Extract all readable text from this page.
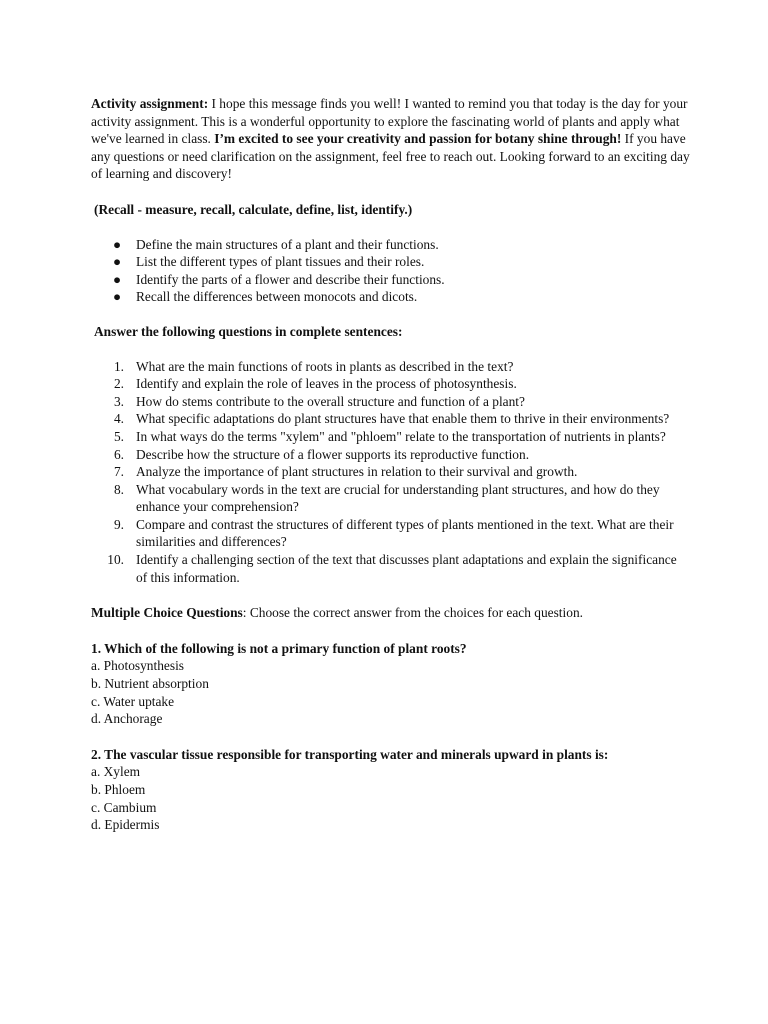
Activity assignment: I hope this message finds you well! I wanted to remind you that today is the day for your activity assignment. This is a wonderful opportunity to explore the fascinating world of plants and apply what we've learned in class. I’m excited to see your creativity and passion for botany shine through! If you have any questions or need clarification on the assignment, feel free to reach out. Looking forward to an exciting day of learning and discovery!

(Recall - measure, recall, calculate, define, list, identify.)

● Define the main structures of a plant and their functions.
● List the different types of plant tissues and their roles.
● Identify the parts of a flower and describe their functions.
● Recall the differences between monocots and dicots.

Answer the following questions in complete sentences:

1. What are the main functions of roots in plants as described in the text?
2. Identify and explain the role of leaves in the process of photosynthesis.
3. How do stems contribute to the overall structure and function of a plant?
4. What specific adaptations do plant structures have that enable them to thrive in their environments?
5. In what ways do the terms "xylem" and "phloem" relate to the transportation of nutrients in plants?
6. Describe how the structure of a flower supports its reproductive function.
7. Analyze the importance of plant structures in relation to their survival and growth.
8. What vocabulary words in the text are crucial for understanding plant structures, and how do they enhance your comprehension?
9. Compare and contrast the structures of different types of plants mentioned in the text. What are their similarities and differences?
10. Identify a challenging section of the text that discusses plant adaptations and explain the significance of this information.

Multiple Choice Questions: Choose the correct answer from the choices for each question.

1. Which of the following is not a primary function of plant roots?

a. Photosynthesis

b. Nutrient absorption

c. Water uptake

d. Anchorage

2. The vascular tissue responsible for transporting water and minerals upward in plants is:

a. Xylem

b. Phloem

c. Cambium

d. Epidermis
